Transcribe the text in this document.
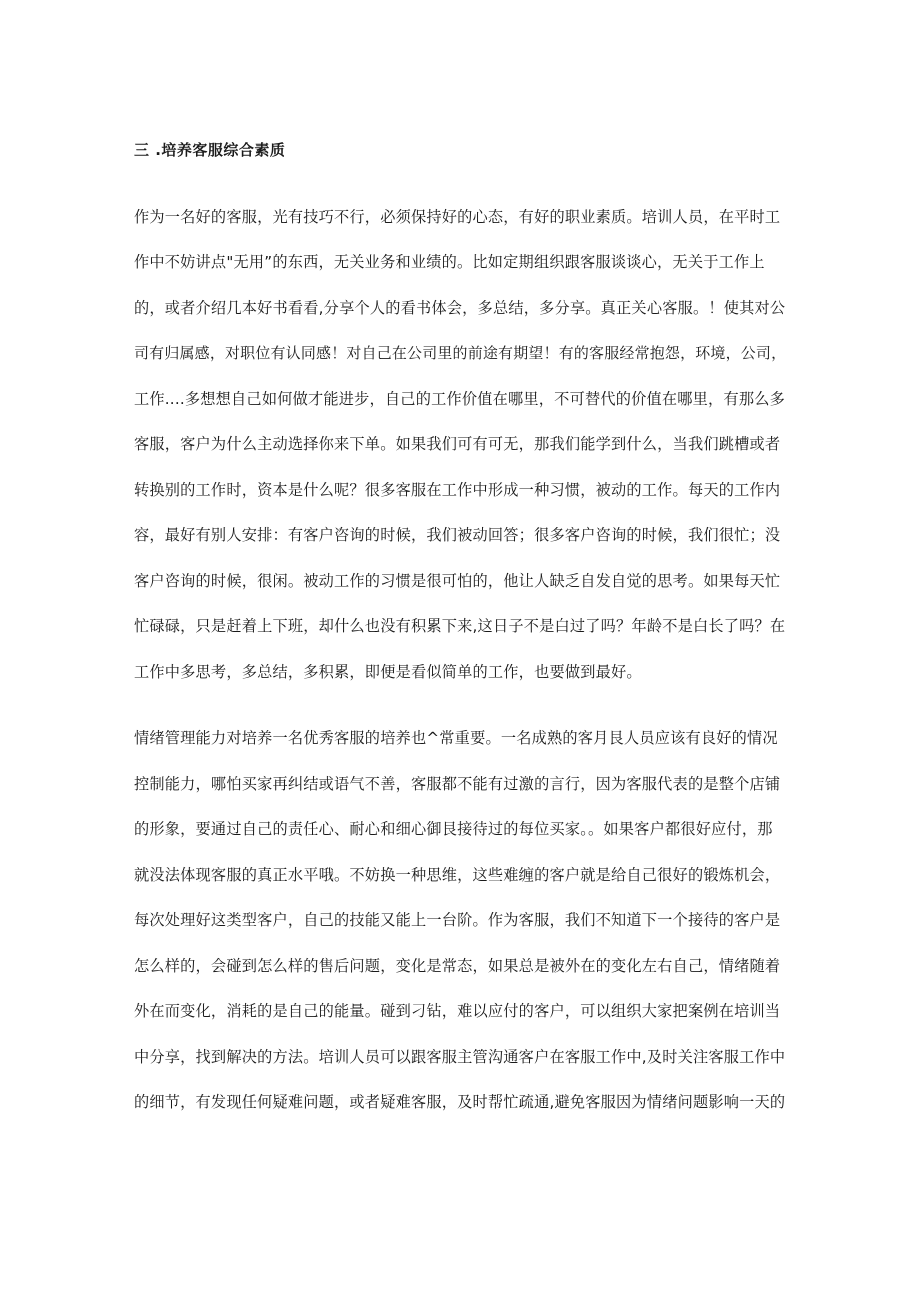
三 .培养客服综合素质
作为一名好的客服，光有技巧不行，必须保持好的心态，有好的职业素质。培训人员，在平时工
作中不妨讲点"无用”的东西，无关业务和业绩的。比如定期组织跟客服谈谈心，无关于工作上
的，或者介绍几本好书看看,分享个人的看书体会，多总结，多分享。真正关心客服。！使其对公
司有归属感，对职位有认同感！对自己在公司里的前途有期望！有的客服经常抱怨，环境，公司，
工作....多想想自己如何做才能进步，自己的工作价值在哪里，不可替代的价值在哪里，有那么多
客服，客户为什么主动选择你来下单。如果我们可有可无，那我们能学到什么，当我们跳槽或者
转换别的工作时，资本是什么呢？很多客服在工作中形成一种习惯，被动的工作。每天的工作内
容，最好有别人安排：有客户咨询的时候，我们被动回答；很多客户咨询的时候，我们很忙；没
客户咨询的时候，很闲。被动工作的习惯是很可怕的，他让人缺乏自发自觉的思考。如果每天忙
忙碌碌，只是赶着上下班，却什么也没有积累下来,这日子不是白过了吗？年龄不是白长了吗？在
工作中多思考，多总结，多积累，即便是看似简单的工作，也要做到最好。
情绪管理能力对培养一名优秀客服的培养也^常重要。一名成熟的客月艮人员应该有良好的情况
控制能力，哪怕买家再纠结或语气不善，客服都不能有过激的言行，因为客服代表的是整个店铺
的形象，要通过自己的责任心、耐心和细心御艮接待过的每位买家。。如果客户都很好应付，那
就没法体现客服的真正水平哦。不妨换一种思维，这些难缠的客户就是给自己很好的锻炼机会，
每次处理好这类型客户，自己的技能又能上一台阶。作为客服，我们不知道下一个接待的客户是
怎么样的，会碰到怎么样的售后问题，变化是常态，如果总是被外在的变化左右自己，情绪随着
外在而变化，消耗的是自己的能量。碰到刁钻，难以应付的客户，可以组织大家把案例在培训当
中分享，找到解决的方法。培训人员可以跟客服主管沟通客户在客服工作中,及时关注客服工作中
的细节，有发现任何疑难问题，或者疑难客服，及时帮忙疏通,避免客服因为情绪问题影响一天的
